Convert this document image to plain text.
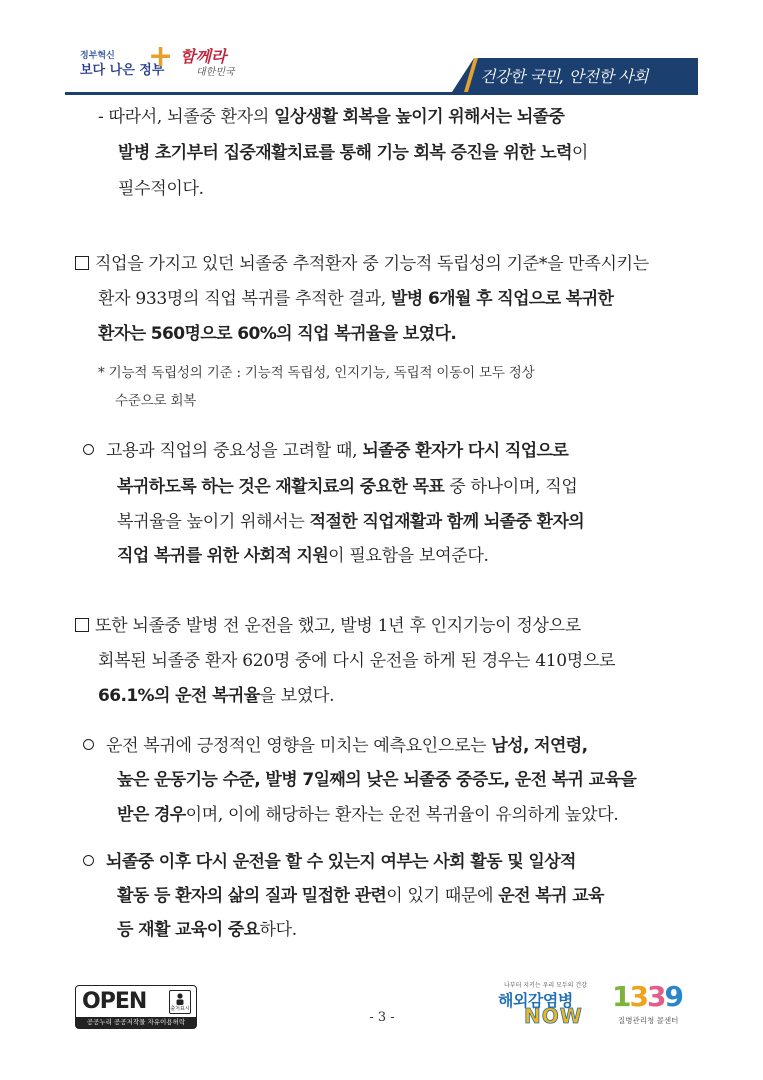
정부혁신
보다 나은 정부
+ 함께라
대한민국	건강한 국민, 안전한 사회
- 따라서, 뇌졸중 환자의 일상생활 회복을 높이기 위해서는 뇌졸중
발병 초기부터 집중재활치료를 통해 기능 회복 증진을 위한 노력이
필수적이다.
직업을 가지고 있던 뇌졸중 추적환자 중 기능적 독립성의 기준*을 만족시키는
환자 933명의 직업 복귀를 추적한 결과, 발병 6개월 후 직업으로 복귀한
환자는 560명으로 60%의 직업 복귀율을 보였다.
* 기능적 독립성의 기준 : 기능적 독립성, 인지기능, 독립적 이동이 모두 정상
수준으로 회복
고용과 직업의 중요성을 고려할 때, 뇌졸중 환자가 다시 직업으로
복귀하도록 하는 것은 재활치료의 중요한 목표 중 하나이며, 직업
복귀율을 높이기 위해서는 적절한 직업재활과 함께 뇌졸중 환자의
직업 복귀를 위한 사회적 지원이 필요함을 보여준다.
또한 뇌졸중 발병 전 운전을 했고, 발병 1년 후 인지기능이 정상으로
회복된 뇌졸중 환자 620명 중에 다시 운전을 하게 된 경우는 410명으로
66.1%의 운전 복귀율을 보였다.
운전 복귀에 긍정적인 영향을 미치는 예측요인으로는 남성, 저연령,
높은 운동기능 수준, 발병 7일째의 낮은 뇌졸중 중증도, 운전 복귀 교육을
받은 경우이며, 이에 해당하는 환자는 운전 복귀율이 유의하게 높았다.
뇌졸중 이후 다시 운전을 할 수 있는지 여부는 사회 활동 및 일상적
활동 등 환자의 삶의 질과 밀접한 관련이 있기 때문에 운전 복귀 교육
등 재활 교육이 중요하다.
OPEN	출처표시
공공누리 공공저작물 자유이용허락	- 3 -
나부터 지키는 우리 모두의 건강
해외감염병
NOW
1339
질병관리청 콜센터
